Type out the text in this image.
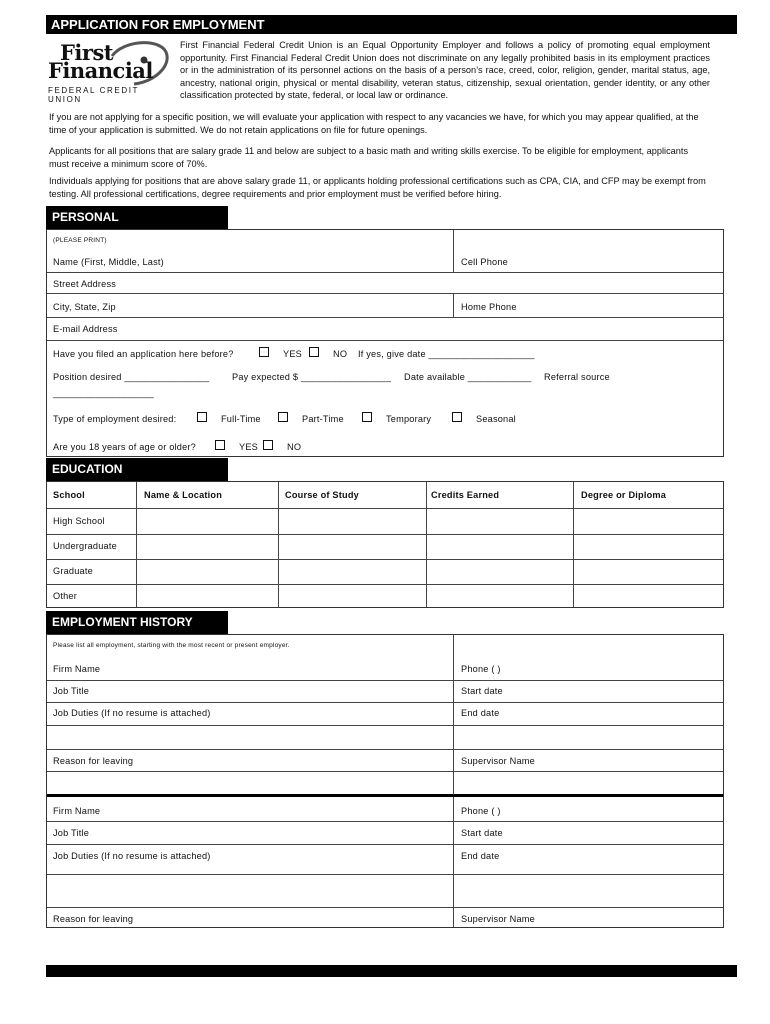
APPLICATION FOR EMPLOYMENT
First
Financial
FEDERAL CREDIT UNION
First Financial Federal Credit Union is an Equal Opportunity Employer and follows a policy of promoting equal employment opportunity. First Financial Federal Credit Union does not discriminate on any legally prohibited basis in its employment practices or in the administration of its personnel actions on the basis of a person’s race, creed, color, religion, gender, marital status, age, ancestry, national origin, physical or mental disability, veteran status, citizenship, sexual orientation, gender identity, or any other classification protected by state, federal, or local law or ordinance.
If you are not applying for a specific position, we will evaluate your application with respect to any vacancies we have, for which you may appear qualified, at the time of your application is submitted. We do not retain applications on file for future openings.
Applicants for all positions that are salary grade 11 and below are subject to a basic math and writing skills exercise. To be eligible for employment, applicants must receive a minimum score of 70%.
Individuals applying for positions that are above salary grade 11, or applicants holding professional certifications such as CPA, CIA, and CFP may be exempt from testing. All professional certifications, degree requirements and prior employment must be verified before hiring.
PERSONAL
(PLEASE PRINT)
Name (First, Middle, Last)	Cell Phone
Street Address
City, State, Zip	Home Phone
E-mail Address
Have you filed an application here before?	YES	NO If yes, give date ____________________
Position desired ________________ Pay expected $ _________________ Date available ____________ Referral source
___________________
Type of employment desired:	Full-Time	Part-Time	Temporary	Seasonal
Are you 18 years of age or older?	YES	NO
EDUCATION
School	Name & Location	Course of Study	Credits Earned	Degree or Diploma
High School
Undergraduate
Graduate
Other
EMPLOYMENT HISTORY
Please list all employment, starting with the most recent or present employer.
Firm Name	Phone ( )
Job Title	Start date
Job Duties (If no resume is attached)	End date
Reason for leaving	Supervisor Name
Firm Name	Phone ( )
Job Title	Start date
Job Duties (If no resume is attached)	End date
Reason for leaving	Supervisor Name
